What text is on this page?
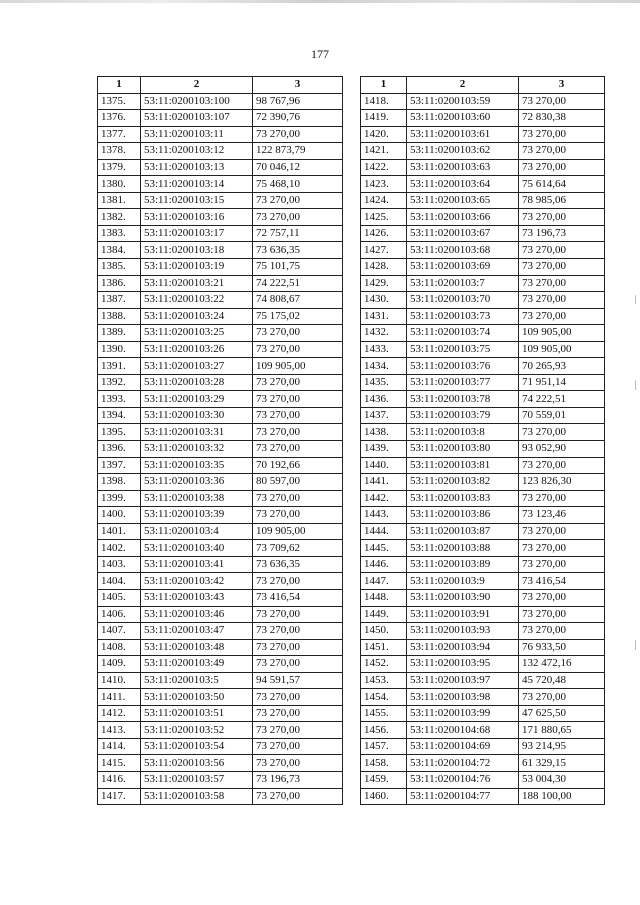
177
1	2	3
1375.	53:11:0200103:100	98 767,96
1376.	53:11:0200103:107	72 390,76
1377.	53:11:0200103:11	73 270,00
1378.	53:11:0200103:12	122 873,79
1379.	53:11:0200103:13	70 046,12
1380.	53:11:0200103:14	75 468,10
1381.	53:11:0200103:15	73 270,00
1382.	53:11:0200103:16	73 270,00
1383.	53:11:0200103:17	72 757,11
1384.	53:11:0200103:18	73 636,35
1385.	53:11:0200103:19	75 101,75
1386.	53:11:0200103:21	74 222,51
1387.	53:11:0200103:22	74 808,67
1388.	53:11:0200103:24	75 175,02
1389.	53:11:0200103:25	73 270,00
1390.	53:11:0200103:26	73 270,00
1391.	53:11:0200103:27	109 905,00
1392.	53:11:0200103:28	73 270,00
1393.	53:11:0200103:29	73 270,00
1394.	53:11:0200103:30	73 270,00
1395.	53:11:0200103:31	73 270,00
1396.	53:11:0200103:32	73 270,00
1397.	53:11:0200103:35	70 192,66
1398.	53:11:0200103:36	80 597,00
1399.	53:11:0200103:38	73 270,00
1400.	53:11:0200103:39	73 270,00
1401.	53:11:0200103:4	109 905,00
1402.	53:11:0200103:40	73 709,62
1403.	53:11:0200103:41	73 636,35
1404.	53:11:0200103:42	73 270,00
1405.	53:11:0200103:43	73 416,54
1406.	53:11:0200103:46	73 270,00
1407.	53:11:0200103:47	73 270,00
1408.	53:11:0200103:48	73 270,00
1409.	53:11:0200103:49	73 270,00
1410.	53:11:0200103:5	94 591,57
1411.	53:11:0200103:50	73 270,00
1412.	53:11:0200103:51	73 270,00
1413.	53:11:0200103:52	73 270,00
1414.	53:11:0200103:54	73 270,00
1415.	53:11:0200103:56	73 270,00
1416.	53:11:0200103:57	73 196,73
1417.	53:11:0200103:58	73 270,00
1	2	3
1418.	53:11:0200103:59	73 270,00
1419.	53:11:0200103:60	72 830,38
1420.	53:11:0200103:61	73 270,00
1421.	53:11:0200103:62	73 270,00
1422.	53:11:0200103:63	73 270,00
1423.	53:11:0200103:64	75 614,64
1424.	53:11:0200103:65	78 985,06
1425.	53:11:0200103:66	73 270,00
1426.	53:11:0200103:67	73 196,73
1427.	53:11:0200103:68	73 270,00
1428.	53:11:0200103:69	73 270,00
1429.	53:11:0200103:7	73 270,00
1430.	53:11:0200103:70	73 270,00
1431.	53:11:0200103:73	73 270,00
1432.	53:11:0200103:74	109 905,00
1433.	53:11:0200103:75	109 905,00
1434.	53:11:0200103:76	70 265,93
1435.	53:11:0200103:77	71 951,14
1436.	53:11:0200103:78	74 222,51
1437.	53:11:0200103:79	70 559,01
1438.	53:11:0200103:8	73 270,00
1439.	53:11:0200103:80	93 052,90
1440.	53:11:0200103:81	73 270,00
1441.	53:11:0200103:82	123 826,30
1442.	53:11:0200103:83	73 270,00
1443.	53:11:0200103:86	73 123,46
1444.	53:11:0200103:87	73 270,00
1445.	53:11:0200103:88	73 270,00
1446.	53:11:0200103:89	73 270,00
1447.	53:11:0200103:9	73 416,54
1448.	53:11:0200103:90	73 270,00
1449.	53:11:0200103:91	73 270,00
1450.	53:11:0200103:93	73 270,00
1451.	53:11:0200103:94	76 933,50
1452.	53:11:0200103:95	132 472,16
1453.	53:11:0200103:97	45 720,48
1454.	53:11:0200103:98	73 270,00
1455.	53:11:0200103:99	47 625,50
1456.	53:11:0200104:68	171 880,65
1457.	53:11:0200104:69	93 214,95
1458.	53:11:0200104:72	61 329,15
1459.	53:11:0200104:76	53 004,30
1460.	53:11:0200104:77	188 100,00
